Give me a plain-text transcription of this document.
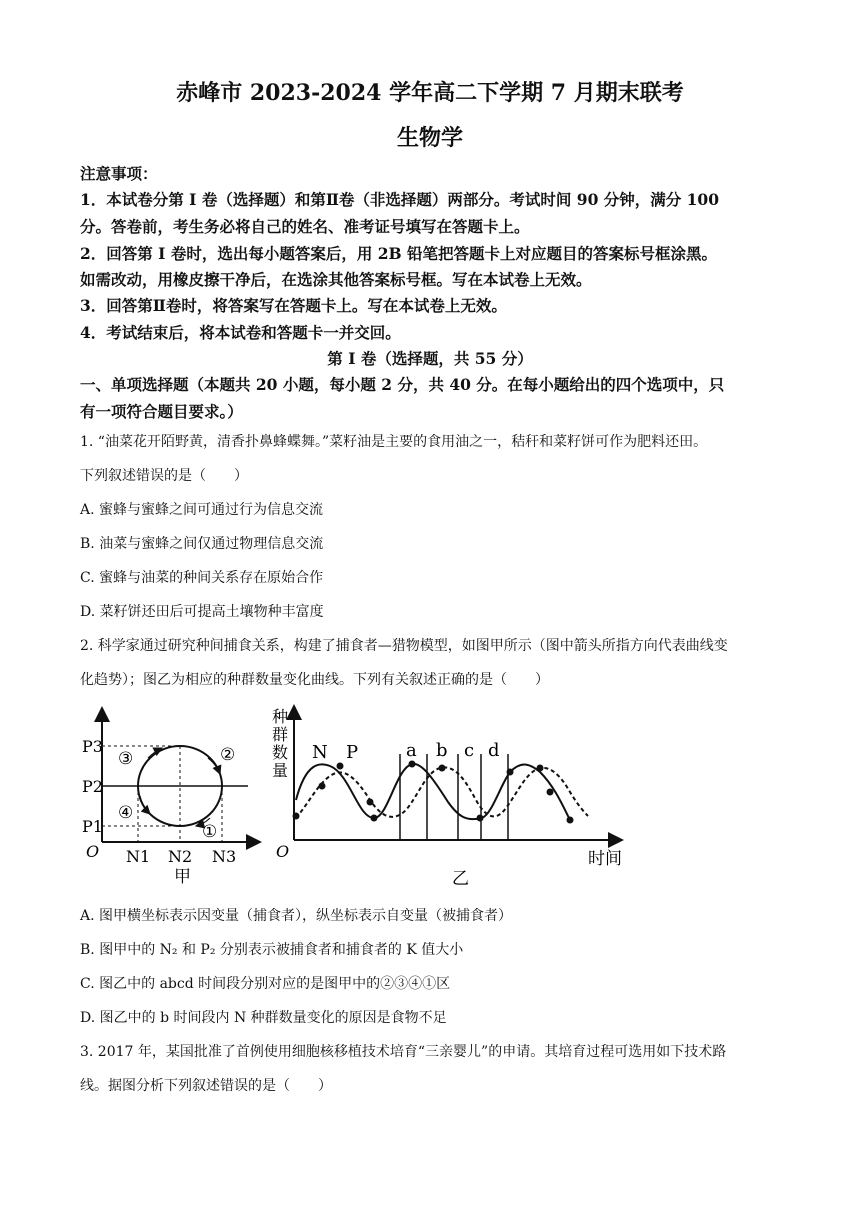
赤峰市 2023-2024 学年高二下学期 7 月期末联考
生物学
注意事项：
1．本试卷分第 I 卷（选择题）和第Ⅱ卷（非选择题）两部分。考试时间 90 分钟，满分 100
分。答卷前，考生务必将自己的姓名、准考证号填写在答题卡上。
2．回答第 I 卷时，选出每小题答案后，用 2B 铅笔把答题卡上对应题目的答案标号框涂黑。
如需改动，用橡皮擦干净后，在选涂其他答案标号框。写在本试卷上无效。
3．回答第Ⅱ卷时，将答案写在答题卡上。写在本试卷上无效。
4．考试结束后，将本试卷和答题卡一并交回。
第 I 卷（选择题，共 55 分）
一、单项选择题（本题共 20 小题，每小题 2 分，共 40 分。在每小题给出的四个选项中，只
有一项符合题目要求。）
1. “油菜花开陌野黄，清香扑鼻蜂蝶舞。”菜籽油是主要的食用油之一，秸秆和菜籽饼可作为肥料还田。
下列叙述错误的是（　　）
A. 蜜蜂与蜜蜂之间可通过行为信息交流
B. 油菜与蜜蜂之间仅通过物理信息交流
C. 蜜蜂与油菜的种间关系存在原始合作
D. 菜籽饼还田后可提高土壤物种丰富度
2. 科学家通过研究种间捕食关系，构建了捕食者—猎物模型，如图甲所示（图中箭头所指方向代表曲线变
化趋势）；图乙为相应的种群数量变化曲线。下列有关叙述正确的是（　　）
O
P3
P2
P1
N1 N2 N3
①
②
③
④
甲
O
种
群
数
量
N P	a b c d
时间
乙
A. 图甲横坐标表示因变量（捕食者），纵坐标表示自变量（被捕食者）
B. 图甲中的 N₂ 和 P₂ 分别表示被捕食者和捕食者的 K 值大小
C. 图乙中的 abcd 时间段分别对应的是图甲中的②③④①区
D. 图乙中的 b 时间段内 N 种群数量变化的原因是食物不足
3. 2017 年，某国批准了首例使用细胞核移植技术培育“三亲婴儿”的申请。其培育过程可选用如下技术路
线。据图分析下列叙述错误的是（　　）
